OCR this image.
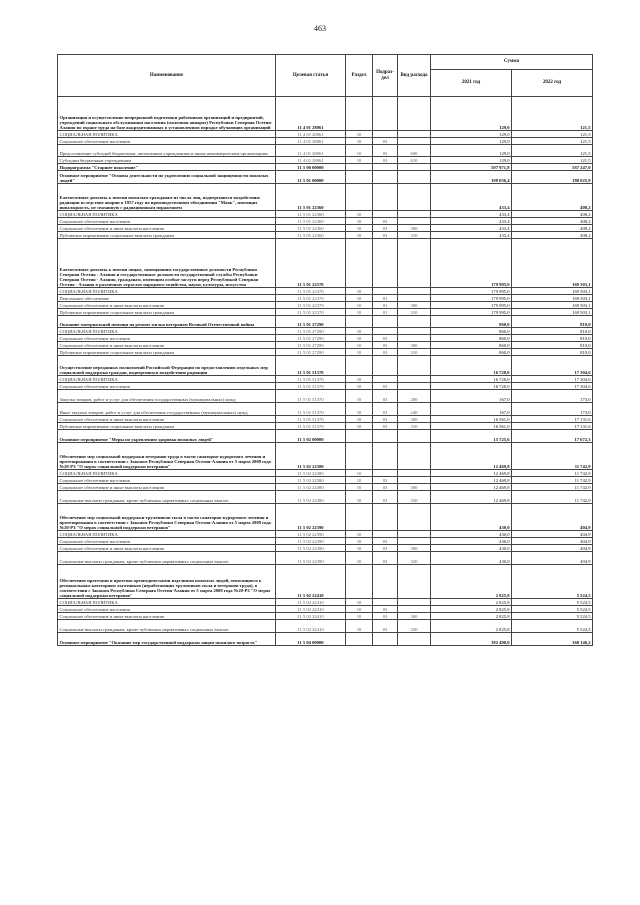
463
Наименование	Целевая статья	Раздел	Подраз-дел	Вид расхода	Сумма	
					2021 год	2022 год
Организация и осуществление непрерывной подготовки работников организаций и предприятий, учреждений социального обслуживания населения (молочная аппарат) Республики Северная Осетия-Алания по охране труда на базе аккредитованных в установленном порядке обучающих организаций	11 4 01 28061				129,0	121,5
СОЦИАЛЬНАЯ ПОЛИТИКА	11 4 01 28061	10			129,0	121,5
Социальное обеспечение населения	11 4 01 28061	10	03		129,0	121,5
Предоставление субсидий бюджетным, автономным учреждениям и иным некоммерческим организациям	11 4 01 28061	10	03	600	129,0	121,5
Субсидии бюджетным учреждениям	11 4 01 28061	10	03	610	129,0	121,5
Подпрограмма "Старшее поколение"	11 5 00 00000				597 971,8	567 247,0
Основное мероприятие "Основы деятельности по укреплению социальной защищенности пожилых людей"	11 5 01 00000				198 056,4	188 025,9
Ежемесячные доплаты к пенсии пожилым гражданам из числа лиц, подвергшихся воздействию радиации вследствие аварии в 1957 году на производственном объединении "Маяк", имеющих инвалидность, не связанную с радиационным поражением	11 5 01 22360				433,4	408,2
СОЦИАЛЬНАЯ ПОЛИТИКА	11 5 01 22360	10			433,4	408,2
Социальное обеспечение населения	11 5 01 22360	10	03		433,4	408,2
Социальное обеспечение и иные выплаты населению	11 5 01 22360	10	03	300	433,4	408,2
Публичные нормативные социальные выплаты гражданам	11 5 01 22360	10	03	310	433,4	408,2
Ежемесячные доплаты к пенсии лицам, замещавшим государственные должности Республики Северная Осетия - Алания и государственные должности государственной службы Республики Северная Осетия - Алания, гражданам, имеющим особые заслуги перед Республикой Северная Осетия - Алания в различных отраслях народного хозяйства, науки, культуры, искусства	11 5 01 22370				179 995,0	169 503,1
СОЦИАЛЬНАЯ ПОЛИТИКА	11 5 01 22370	10			179 995,0	169 503,1
Пенсионное обеспечение	11 5 01 22370	10	01		179 995,0	169 503,1
Социальное обеспечение и иные выплаты населению	11 5 01 22370	10	01	300	179 995,0	169 503,1
Публичные нормативные социальные выплаты гражданам	11 5 01 22370	10	01	310	179 995,0	169 503,1
Оказание материальной помощи на ремонт жилья ветеранам Великой Отечественной войны	11 5 01 27290				860,0	810,0
СОЦИАЛЬНАЯ ПОЛИТИКА	11 5 01 27290	10			860,0	810,0
Социальное обеспечение населения	11 5 01 27290	10	03		860,0	810,0
Социальное обеспечение и иные выплаты населению	11 5 01 27290	10	03	300	860,0	810,0
Публичные нормативные социальные выплаты гражданам	11 5 01 27290	10	03	310	860,0	810,0
Осуществление переданных полномочий Российской Федерации по предоставлению отдельных мер социальной поддержки граждан, подвергшихся воздействию радиации	11 5 01 51370				16 728,0	17 304,6
СОЦИАЛЬНАЯ ПОЛИТИКА	11 5 01 51370	10			16 728,0	17 304,6
Социальное обеспечение населения	11 5 01 51370	10	03		16 728,0	17 304,6
Закупка товаров, работ и услуг для обеспечения государственных (муниципальных) нужд	11 5 01 51370	10	03	200	167,0	173,0
Иные закупки товаров, работ и услуг для обеспечения государственных (муниципальных) нужд	11 5 01 51370	10	03	240	167,0	173,0
Социальное обеспечение и иные выплаты населению	11 5 01 51370	10	03	300	16 561,0	17 131,6
Публичные нормативные социальные выплаты гражданам	11 5 01 51370	10	03	310	16 561,0	17 131,6
Основное мероприятие "Меры по укреплению здоровья пожилых людей"	11 5 02 00000				15 725,6	17 672,3
Обеспечение мер социальной поддержки ветеранов труда в части санаторно-курортного лечения и протезирования в соответствии с Законом Республики Северная Осетия-Алания от 5 марта 2008 года №20-РЗ "О мерах социальной поддержки ветеранов"	11 5 02 22380				12 469,8	11 742,9
СОЦИАЛЬНАЯ ПОЛИТИКА	11 5 02 22380	10			12 469,8	11 742,9
Социальное обеспечение населения	11 5 02 22380	10	03		12 469,8	11 742,9
Социальное обеспечение и иные выплаты населению	11 5 02 22380	10	03	300	12 469,8	11 742,9
Социальные выплаты гражданам, кроме публичных нормативных социальных выплат	11 5 02 22380	10	03	320	12 469,8	11 742,9
Обеспечение мер социальной поддержки тружеников тыла в части санаторно-курортного лечения и протезирования в соответствии с Законом Республики Северная Осетия-Алания от 5 марта 2008 года №20-РЗ "О мерах социальной поддержки ветеранов"	11 5 02 22390				430,0	404,9
СОЦИАЛЬНАЯ ПОЛИТИКА	11 5 02 22390	10			430,0	404,9
Социальное обеспечение населения	11 5 02 22390	10	03		430,0	404,9
Социальное обеспечение и иные выплаты населению	11 5 02 22390	10	03	300	430,0	404,9
Социальные выплаты гражданам, кроме публичных нормативных социальных выплат	11 5 02 22390	10	03	320	430,0	404,9
Обеспечение протезами и протезно-ортопедическими изделиями пожилых людей, относящихся к региональным категориям льготников (неработающих тружеников тыла и ветеранов труда), в соответствии с Законом Республики Северная Осетия-Алания от 5 марта 2008 года №20-РЗ "О мерах социальной поддержки ветеранов"	11 5 02 22410				2 825,8	5 524,5
СОЦИАЛЬНАЯ ПОЛИТИКА	11 5 02 22410	10			2 825,8	5 524,5
Социальное обеспечение населения	11 5 02 22410	10	03		2 825,8	5 524,5
Социальное обеспечение и иные выплаты населению	11 5 02 22410	10	03	300	2 825,8	5 524,5
Социальные выплаты гражданам, кроме публичных нормативных социальных выплат	11 5 02 22410	10	03	320	2 825,8	5 524,5
Основное мероприятие "Оказание мер государственной поддержки лицам пожилого возраста"	11 5 04 00000				382 490,0	360 146,2
